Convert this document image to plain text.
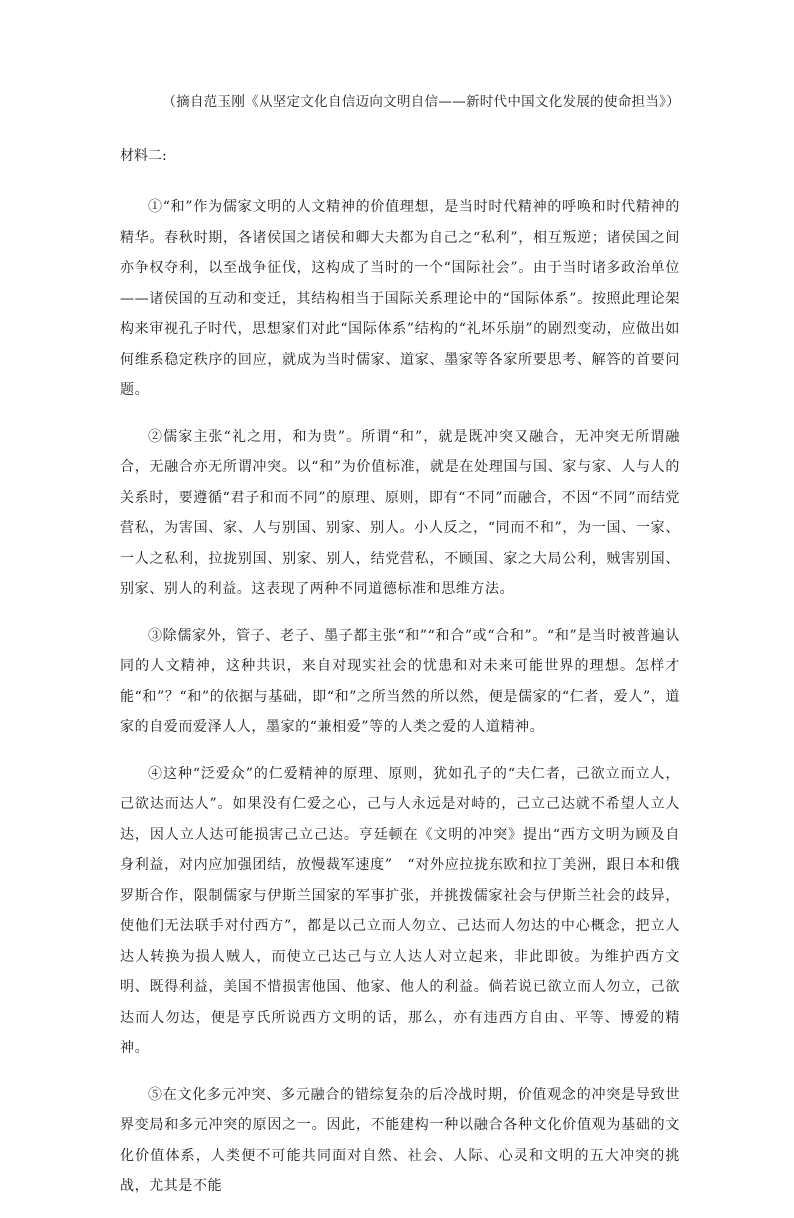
（摘自范玉刚《从坚定文化自信迈向文明自信——新时代中国文化发展的使命担当》）

材料二:

①“和”作为儒家文明的人文精神的价值理想，是当时时代精神的呼唤和时代精神的精华。春秋时期，各诸侯国之诸侯和卿大夫都为自己之“私利”，相互叛逆；诸侯国之间亦争权夺利，以至战争征伐，这构成了当时的一个“国际社会”。由于当时诸多政治单位——诸侯国的互动和变迁，其结构相当于国际关系理论中的“国际体系”。按照此理论架构来审视孔子时代，思想家们对此“国际体系”结构的“礼坏乐崩”的剧烈变动，应做出如何维系稳定秩序的回应，就成为当时儒家、道家、墨家等各家所要思考、解答的首要问题。

②儒家主张“礼之用，和为贵”。所谓“和”，就是既冲突又融合，无冲突无所谓融合，无融合亦无所谓冲突。以“和”为价值标准，就是在处理国与国、家与家、人与人的关系时，要遵循“君子和而不同”的原理、原则，即有“不同”而融合，不因“不同”而结党营私，为害国、家、人与别国、别家、别人。小人反之，“同而不和”，为一国、一家、一人之私利，拉拢别国、别家、别人，结党营私，不顾国、家之大局公利，贼害别国、别家、别人的利益。这表现了两种不同道德标准和思维方法。

③除儒家外，管子、老子、墨子都主张“和”“和合”或“合和”。“和”是当时被普遍认同的人文精神，这种共识，来自对现实社会的忧患和对未来可能世界的理想。怎样才能“和”？“和”的依据与基础，即“和”之所当然的所以然，便是儒家的“仁者，爱人”，道家的自爱而爱泽人人，墨家的“兼相爱”等的人类之爱的人道精神。

④这种“泛爱众”的仁爱精神的原理、原则，犹如孔子的“夫仁者，己欲立而立人，己欲达而达人”。如果没有仁爱之心，己与人永远是对峙的，己立己达就不希望人立人达，因人立人达可能损害己立己达。亨廷顿在《文明的冲突》提出“西方文明为顾及自身利益，对内应加强团结，放慢裁军速度”　“对外应拉拢东欧和拉丁美洲，跟日本和俄罗斯合作，限制儒家与伊斯兰国家的军事扩张，并挑拨儒家社会与伊斯兰社会的歧异，使他们无法联手对付西方”，都是以己立而人勿立、己达而人勿达的中心概念，把立人达人转换为损人贼人，而使立己达己与立人达人对立起来，非此即彼。为维护西方文明、既得利益，美国不惜损害他国、他家、他人的利益。倘若说已欲立而人勿立，己欲达而人勿达，便是亨氏所说西方文明的话，那么，亦有违西方自由、平等、博爱的精神。

⑤在文化多元冲突、多元融合的错综复杂的后冷战时期，价值观念的冲突是导致世界变局和多元冲突的原因之一。因此，不能建构一种以融合各种文化价值观为基础的文化价值体系，人类便不可能共同面对自然、社会、人际、心灵和文明的五大冲突的挑战，尤其是不能
